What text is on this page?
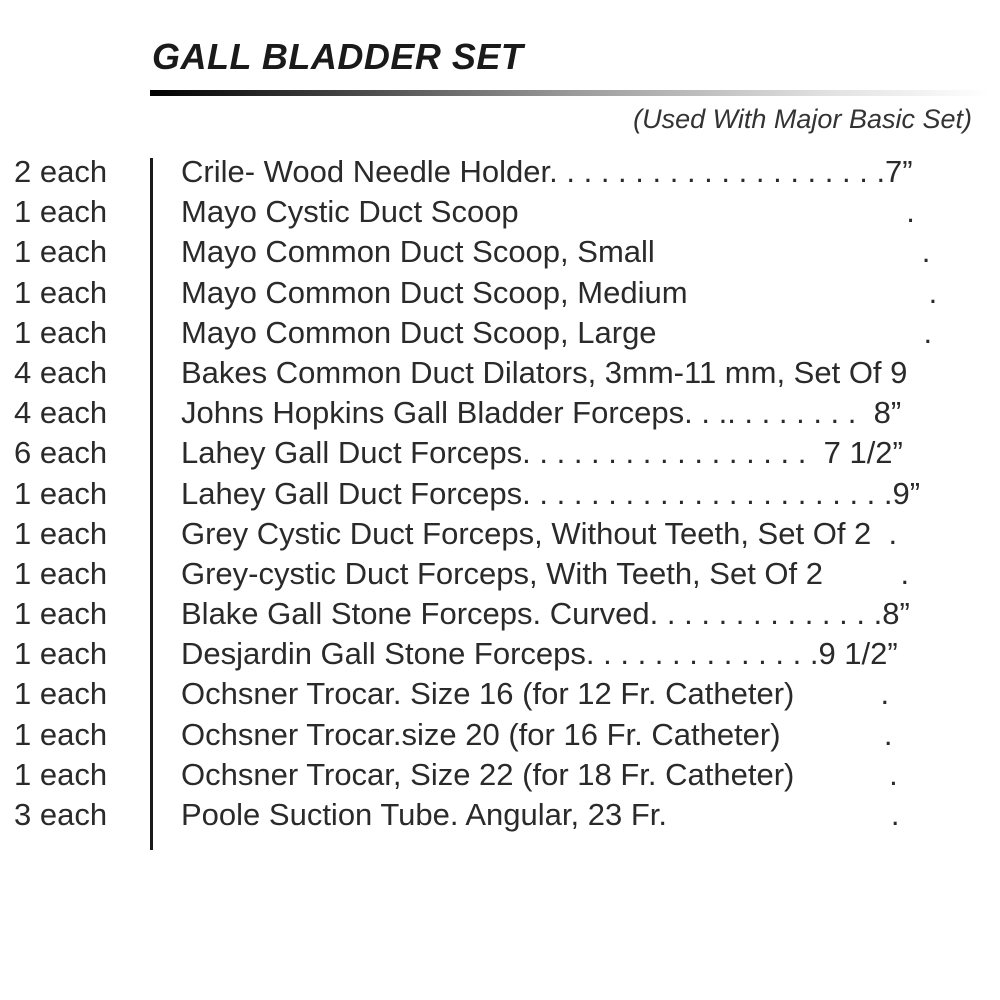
GALL BLADDER SET
(Used With Major Basic Set)
2 each Crile- Wood Needle Holder. . . . . . . . . . . . . . . . . . . .7”
1 each Mayo Cystic Duct Scoop                                             .
1 each Mayo Common Duct Scoop, Small                               .
1 each Mayo Common Duct Scoop, Medium                            .
1 each Mayo Common Duct Scoop, Large                               .
4 each Bakes Common Duct Dilators, 3mm-11 mm, Set Of 9
4 each Johns Hopkins Gall Bladder Forceps. . .. . . . . . . .  8”
6 each Lahey Gall Duct Forceps. . . . . . . . . . . . . . . . .  7 1/2”
1 each Lahey Gall Duct Forceps. . . . . . . . . . . . . . . . . . . . . .9”
1 each Grey Cystic Duct Forceps, Without Teeth, Set Of 2  .
1 each Grey-cystic Duct Forceps, With Teeth, Set Of 2         .
1 each Blake Gall Stone Forceps. Curved. . . . . . . . . . . . . .8”
1 each Desjardin Gall Stone Forceps. . . . . . . . . . . . . .9 1/2”
1 each Ochsner Trocar. Size 16 (for 12 Fr. Catheter)          .
1 each Ochsner Trocar.size 20 (for 16 Fr. Catheter)            .
1 each Ochsner Trocar, Size 22 (for 18 Fr. Catheter)           .
3 each Poole Suction Tube. Angular, 23 Fr.                          .
